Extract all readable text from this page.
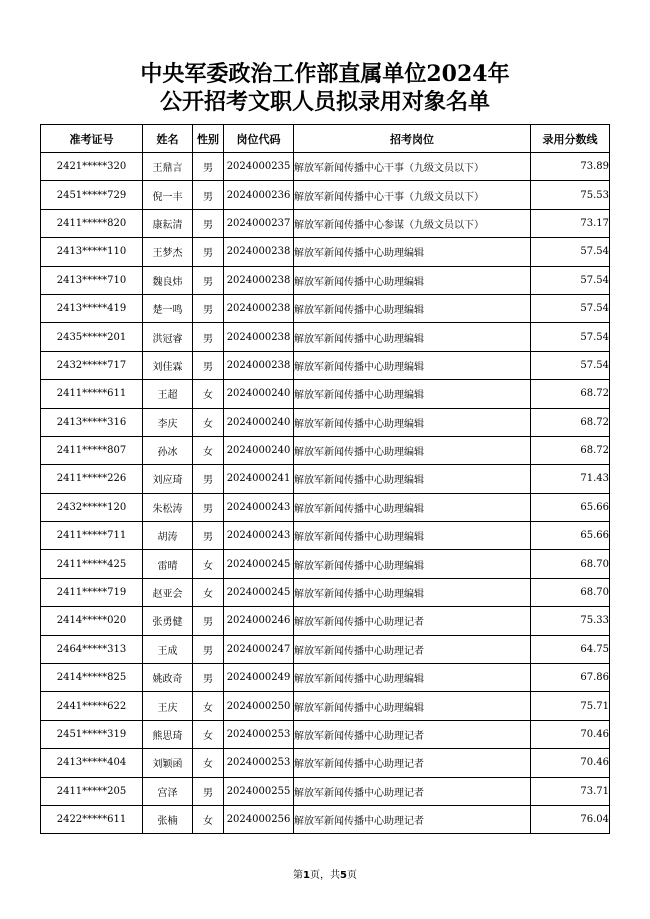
中央军委政治工作部直属单位2024年
公开招考文职人员拟录用对象名单
准考证号	姓名	性别	岗位代码	招考岗位	录用分数线
2421*****320	王鼎言	男	2024000235	解放军新闻传播中心干事（九级文员以下）	73.89
2451*****729	倪一丰	男	2024000236	解放军新闻传播中心干事（九级文员以下）	75.53
2411*****820	康耘清	男	2024000237	解放军新闻传播中心参谋（九级文员以下）	73.17
2413*****110	王梦杰	男	2024000238	解放军新闻传播中心助理编辑	57.54
2413*****710	魏良炜	男	2024000238	解放军新闻传播中心助理编辑	57.54
2413*****419	楚一鸣	男	2024000238	解放军新闻传播中心助理编辑	57.54
2435*****201	洪冠睿	男	2024000238	解放军新闻传播中心助理编辑	57.54
2432*****717	刘佳霖	男	2024000238	解放军新闻传播中心助理编辑	57.54
2411*****611	王超	女	2024000240	解放军新闻传播中心助理编辑	68.72
2413*****316	李庆	女	2024000240	解放军新闻传播中心助理编辑	68.72
2411*****807	孙冰	女	2024000240	解放军新闻传播中心助理编辑	68.72
2411*****226	刘应琦	男	2024000241	解放军新闻传播中心助理编辑	71.43
2432*****120	朱松涛	男	2024000243	解放军新闻传播中心助理编辑	65.66
2411*****711	胡涛	男	2024000243	解放军新闻传播中心助理编辑	65.66
2411*****425	雷晴	女	2024000245	解放军新闻传播中心助理编辑	68.70
2411*****719	赵亚会	女	2024000245	解放军新闻传播中心助理编辑	68.70
2414*****020	张勇健	男	2024000246	解放军新闻传播中心助理记者	75.33
2464*****313	王成	男	2024000247	解放军新闻传播中心助理记者	64.75
2414*****825	姚政奇	男	2024000249	解放军新闻传播中心助理编辑	67.86
2441*****622	王庆	女	2024000250	解放军新闻传播中心助理编辑	75.71
2451*****319	熊思琦	女	2024000253	解放军新闻传播中心助理记者	70.46
2413*****404	刘颖函	女	2024000253	解放军新闻传播中心助理记者	70.46
2411*****205	宫泽	男	2024000255	解放军新闻传播中心助理记者	73.71
2422*****611	张楠	女	2024000256	解放军新闻传播中心助理记者	76.04
第1页，共5页
